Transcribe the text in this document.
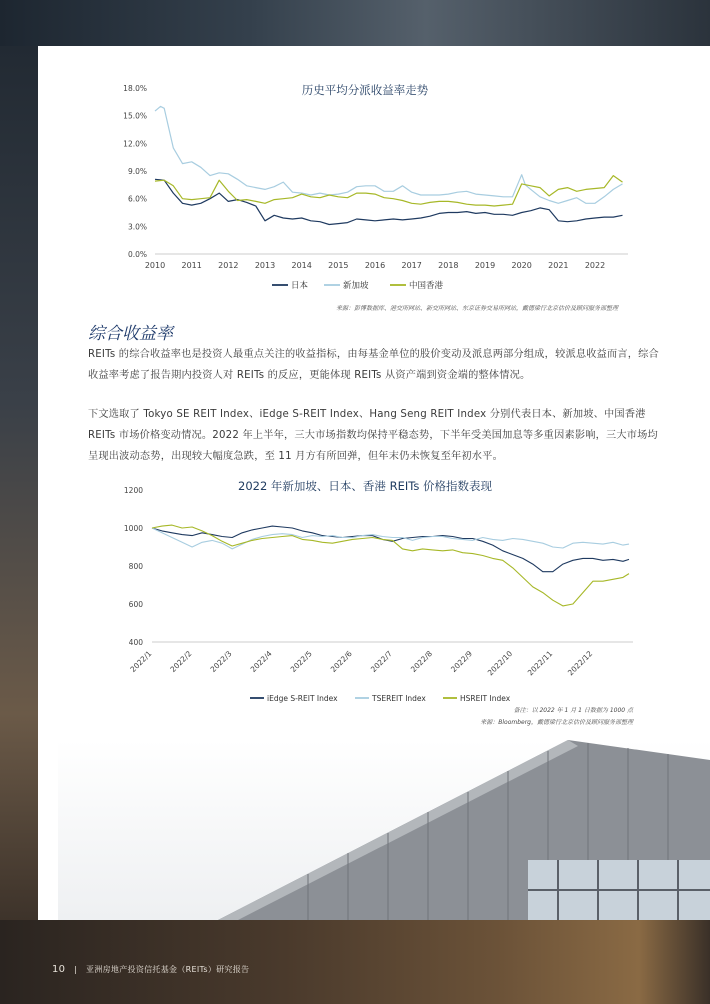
历史平均分派收益率走势
0.0%
3.0%
6.0%
9.0%
12.0%
15.0%
18.0%
2010 2011 2012 2013 2014 2015 2016 2017 2018 2019 2020 2021 2022
日本	新加坡	中国香港
来源：彭博数据库、港交所网站、新交所网站、东京证券交易所网站，戴德梁行北京估价及顾问服务部整理
综合收益率
REITs 的综合收益率也是投资人最重点关注的收益指标，由每基金单位的股价变动及派息两部分组成，较派息收益而言，综合收益率考虑了报告期内投资人对 REITs 的反应，更能体现 REITs 从资产端到资金端的整体情况。
下文选取了 Tokyo SE REIT Index、iEdge S-REIT Index、Hang Seng REIT Index 分别代表日本、新加坡、中国香港 REITs 市场价格变动情况。2022 年上半年，三大市场指数均保持平稳态势，下半年受美国加息等多重因素影响，三大市场均呈现出波动态势，出现较大幅度急跌，至 11 月方有所回弹，但年末仍未恢复至年初水平。
2022 年新加坡、日本、香港 REITs 价格指数表现
400
600
800
1000
1200
2022/1 2022/2 2022/3 2022/4 2022/5 2022/6 2022/7 2022/8 2022/9 2022/10 2022/11 2022/12
iEdge S-REIT Index	TSEREIT Index	HSREIT Index
备注：以 2022 年 1 月 1 日数据为 1000 点
来源：Bloomberg，戴德梁行北京估价及顾问服务部整理
10 | 亚洲房地产投资信托基金（REITs）研究报告
